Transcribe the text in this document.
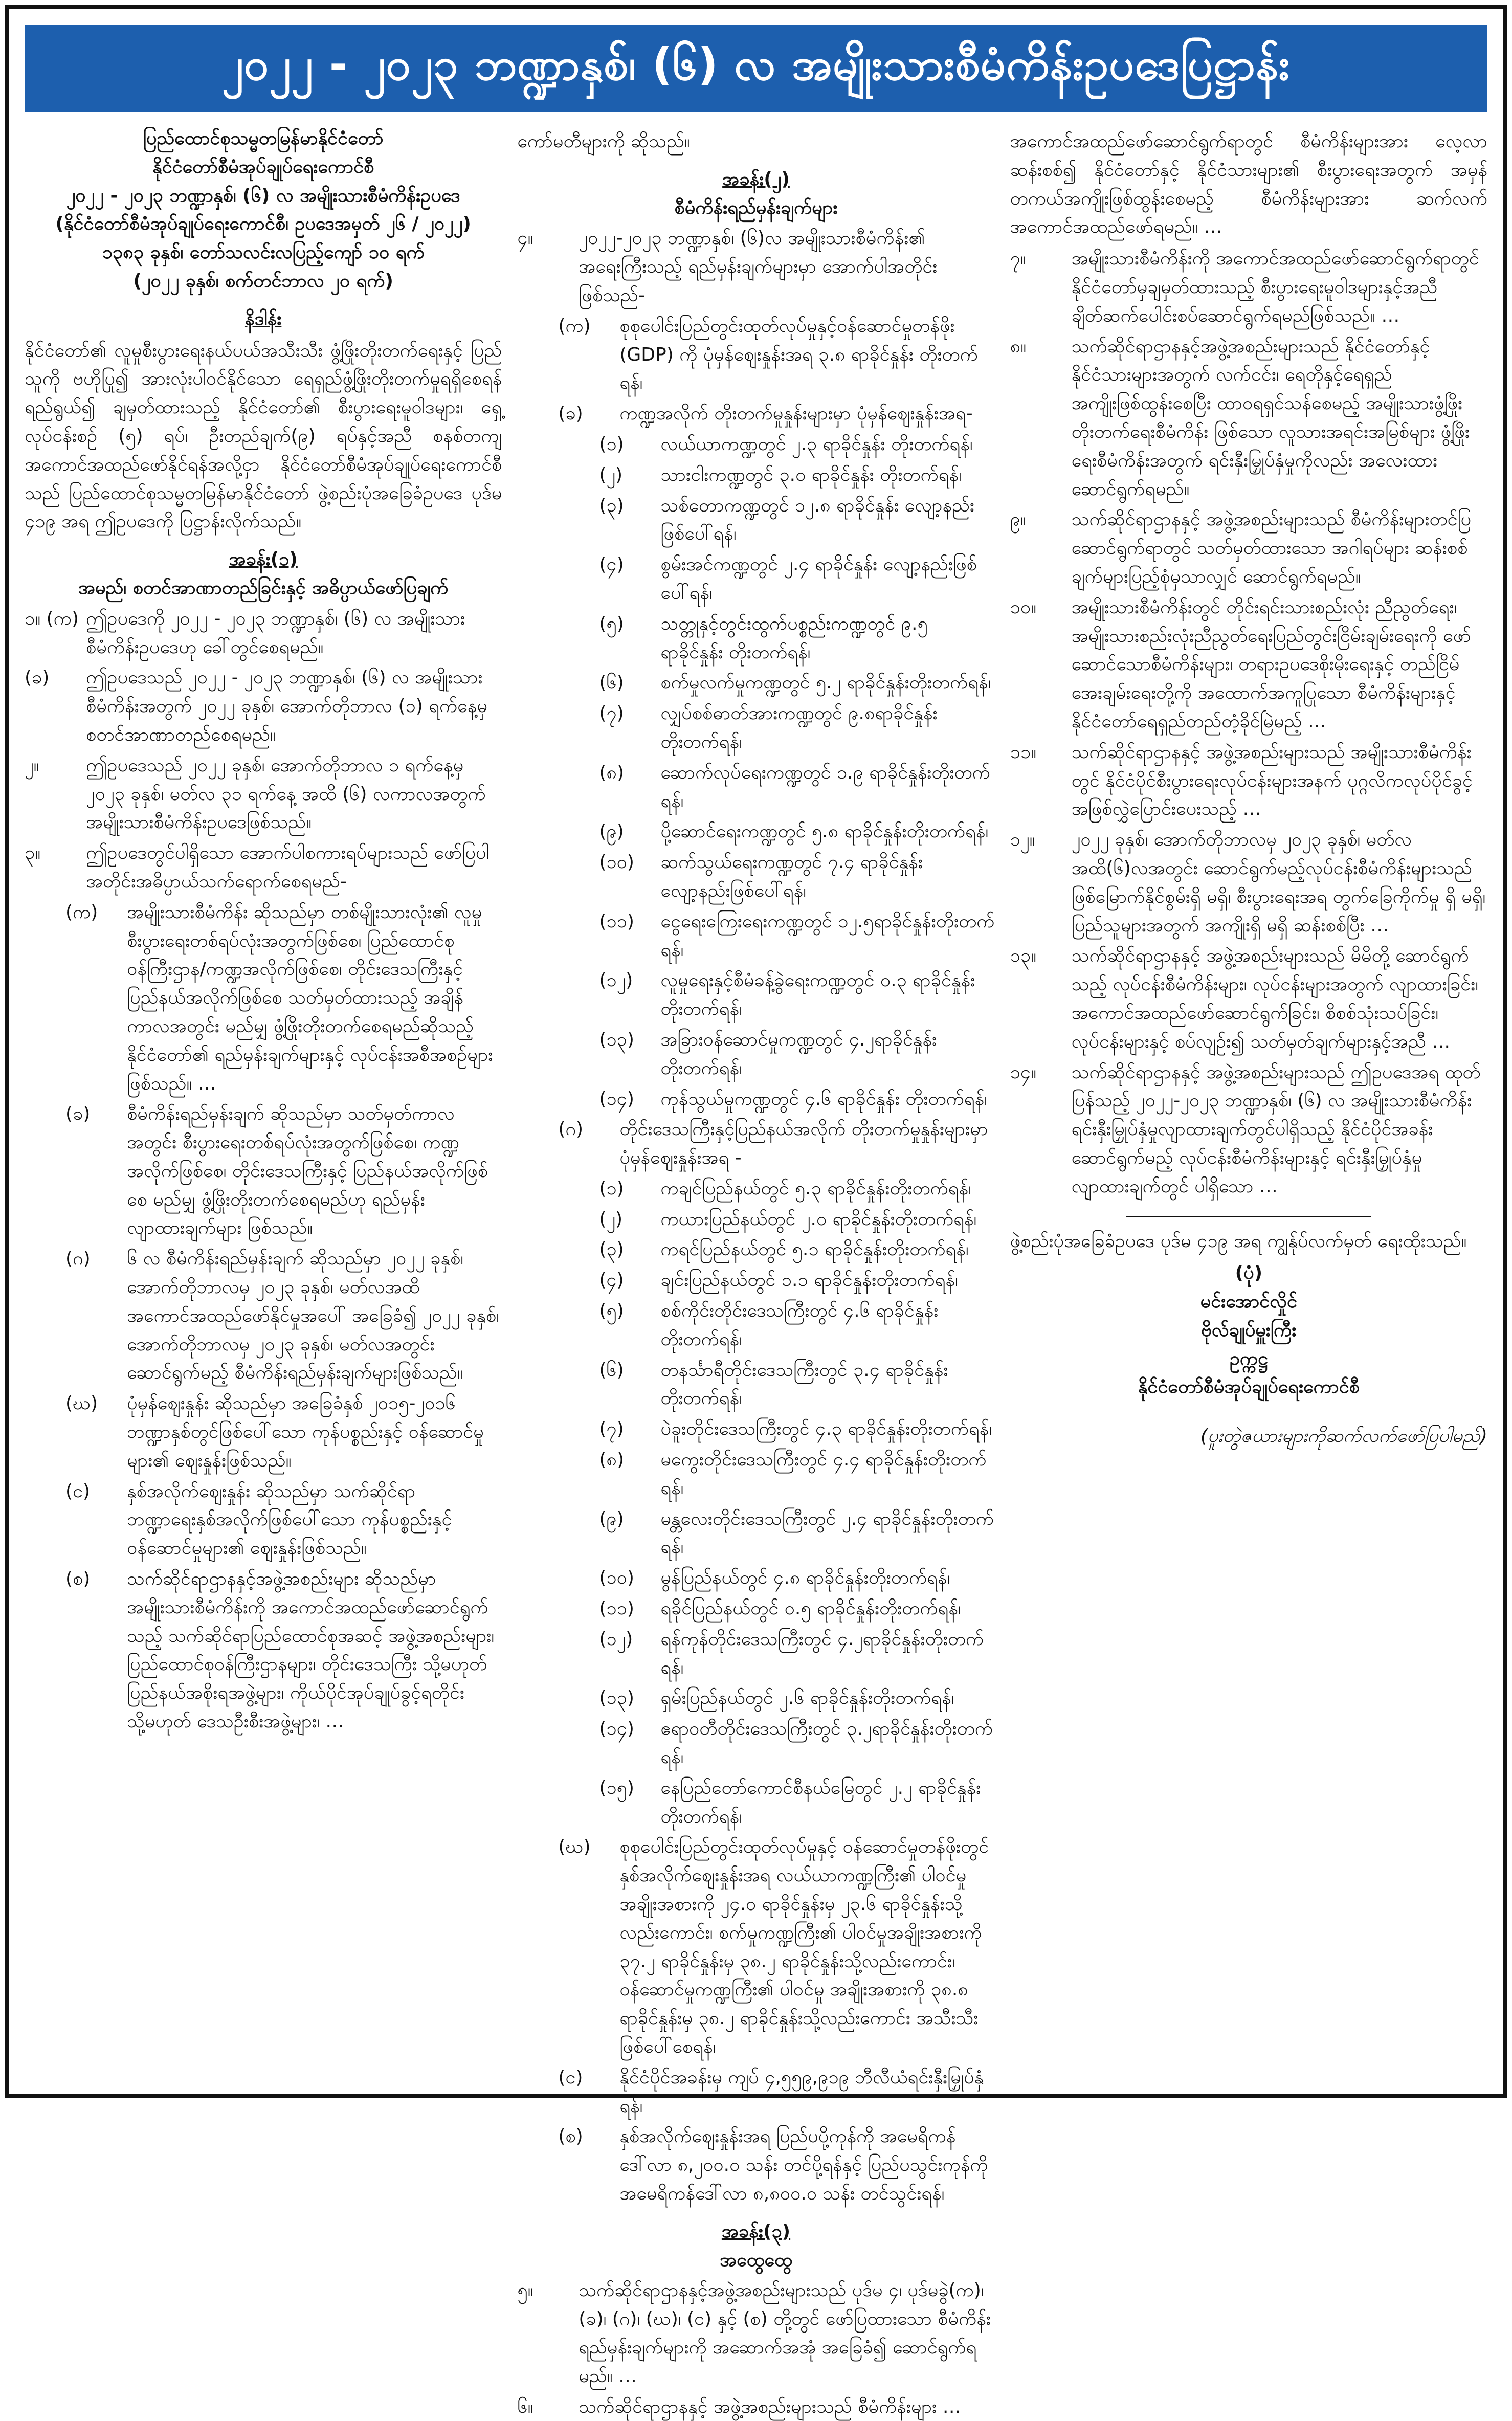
၂၀၂၂ - ၂၀၂၃ ဘဏ္ဍာနှစ်၊ (၆) လ အမျိုးသားစီမံကိန်းဥပဒေပြဋ္ဌာန်း
ပြည်ထောင်စုသမ္မတမြန်မာနိုင်ငံတော်
နိုင်ငံတော်စီမံအုပ်ချုပ်ရေးကောင်စီ
၂၀၂၂ - ၂၀၂၃ ဘဏ္ဍာနှစ်၊ (၆) လ အမျိုးသားစီမံကိန်းဥပဒေ
(နိုင်ငံတော်စီမံအုပ်ချုပ်ရေးကောင်စီ၊ ဥပဒေအမှတ် ၂၆ / ၂၀၂၂)
၁၃၈၃ ခုနှစ်၊ တော်သလင်းလပြည့်ကျော် ၁၀ ရက်
(၂၀၂၂ ခုနှစ်၊ စက်တင်ဘာလ ၂၀ ရက်)
နိဒါန်း

နိုင်ငံတော်၏ လူမှုစီးပွားရေးနယ်ပယ်အသီးသီး ဖွံ့ဖြိုးတိုးတက်ရေးနှင့် ပြည်သူကို ဗဟိုပြု၍ အားလုံးပါဝင်နိုင်သော ရေရှည်ဖွံ့ဖြိုးတိုးတက်မှုရရှိစေရန် ရည်ရွယ်၍ ချမှတ်ထားသည့် နိုင်ငံတော်၏ စီးပွားရေးမူဝါဒများ၊ ရှေ့လုပ်ငန်းစဉ် (၅) ရပ်၊ ဦးတည်ချက်(၉) ရပ်နှင့်အညီ စနစ်တကျ အကောင်အထည်ဖော်နိုင်ရန်အလို့ငှာ နိုင်ငံတော်စီမံအုပ်ချုပ်ရေးကောင်စီသည် ပြည်ထောင်စုသမ္မတမြန်မာနိုင်ငံတော် ဖွဲ့စည်းပုံအခြေခံဥပဒေ ပုဒ်မ ၄၁၉ အရ ဤဥပဒေကို ပြဋ္ဌာန်းလိုက်သည်။

အခန်း(၁)
အမည်၊ စတင်အာဏာတည်ခြင်းနှင့် အဓိပ္ပာယ်ဖော်ပြချက်
၁။ (က) ဤဥပဒေကို ၂၀၂၂ - ၂၀၂၃ ဘဏ္ဍာနှစ်၊ (၆) လ အမျိုးသားစီမံကိန်းဥပဒေဟု ခေါ်တွင်စေရမည်။
(ခ)	ဤဥပဒေသည် ၂၀၂၂ - ၂၀၂၃ ဘဏ္ဍာနှစ်၊ (၆) လ အမျိုးသားစီမံကိန်းအတွက် ၂၀၂၂ ခုနှစ်၊ အောက်တိုဘာလ (၁) ရက်နေ့မှ စတင်အာဏာတည်စေရမည်။
၂။	ဤဥပဒေသည် ၂၀၂၂ ခုနှစ်၊ အောက်တိုဘာလ ၁ ရက်နေ့မှ ၂၀၂၃ ခုနှစ်၊ မတ်လ ၃၁ ရက်နေ့ အထိ (၆) လကာလအတွက် အမျိုးသားစီမံကိန်းဥပဒေဖြစ်သည်။
၃။	ဤဥပဒေတွင်ပါရှိသော အောက်ပါစကားရပ်များသည် ဖော်ပြပါ အတိုင်းအဓိပ္ပာယ်သက်ရောက်စေရမည်-
(က)	အမျိုးသားစီမံကိန်း ဆိုသည်မှာ တစ်မျိုးသားလုံး၏ လူမှုစီးပွားရေးတစ်ရပ်လုံးအတွက်ဖြစ်စေ၊ ပြည်ထောင်စုဝန်ကြီးဌာန/ကဏ္ဍအလိုက်ဖြစ်စေ၊ တိုင်းဒေသကြီးနှင့် ပြည်နယ်အလိုက်ဖြစ်စေ သတ်မှတ်ထားသည့် အချိန်ကာလအတွင်း မည်မျှ ဖွံ့ဖြိုးတိုးတက်စေရမည်ဆိုသည့် နိုင်ငံတော်၏ ရည်မှန်းချက်များနှင့် လုပ်ငန်းအစီအစဉ်များဖြစ်သည်။ …
(ခ)	စီမံကိန်းရည်မှန်းချက် ဆိုသည်မှာ သတ်မှတ်ကာလအတွင်း စီးပွားရေးတစ်ရပ်လုံးအတွက်ဖြစ်စေ၊ ကဏ္ဍအလိုက်ဖြစ်စေ၊ တိုင်းဒေသကြီးနှင့် ပြည်နယ်အလိုက်ဖြစ်စေ မည်မျှ ဖွံ့ဖြိုးတိုးတက်စေရမည်ဟု ရည်မှန်းလျာထားချက်များ ဖြစ်သည်။
(ဂ)	၆ လ စီမံကိန်းရည်မှန်းချက် ဆိုသည်မှာ ၂၀၂၂ ခုနှစ်၊ အောက်တိုဘာလမှ ၂၀၂၃ ခုနှစ်၊ မတ်လအထိ အကောင်အထည်ဖော်နိုင်မှုအပေါ် အခြေခံ၍ ၂၀၂၂ ခုနှစ်၊ အောက်တိုဘာလမှ ၂၀၂၃ ခုနှစ်၊ မတ်လအတွင်း ဆောင်ရွက်မည့် စီမံကိန်းရည်မှန်းချက်များဖြစ်သည်။
(ဃ)	ပုံမှန်ဈေးနှုန်း ဆိုသည်မှာ အခြေခံနှစ် ၂၀၁၅-၂၀၁၆ ဘဏ္ဍာနှစ်တွင်ဖြစ်ပေါ်သော ကုန်ပစ္စည်းနှင့် ဝန်ဆောင်မှုများ၏ ဈေးနှုန်းဖြစ်သည်။
(င)	နှစ်အလိုက်ဈေးနှုန်း ဆိုသည်မှာ သက်ဆိုင်ရာ ဘဏ္ဍာရေးနှစ်အလိုက်ဖြစ်ပေါ်သော ကုန်ပစ္စည်းနှင့် ဝန်ဆောင်မှုများ၏ ဈေးနှုန်းဖြစ်သည်။
(စ)	သက်ဆိုင်ရာဌာနနှင့်အဖွဲ့အစည်းများ ဆိုသည်မှာ အမျိုးသားစီမံကိန်းကို အကောင်အထည်ဖော်ဆောင်ရွက်သည့် သက်ဆိုင်ရာပြည်ထောင်စုအဆင့် အဖွဲ့အစည်းများ၊ ပြည်ထောင်စုဝန်ကြီးဌာနများ၊ တိုင်းဒေသကြီး သို့မဟုတ် ပြည်နယ်အစိုးရအဖွဲ့များ၊ ကိုယ်ပိုင်အုပ်ချုပ်ခွင့်ရတိုင်း သို့မဟုတ် ဒေသဦးစီးအဖွဲ့များ၊ …

ကော်မတီများကို ဆိုသည်။

အခန်း(၂)
စီမံကိန်းရည်မှန်းချက်များ
၄။	၂၀၂၂-၂၀၂၃ ဘဏ္ဍာနှစ်၊ (၆)လ အမျိုးသားစီမံကိန်း၏ အရေးကြီးသည့် ရည်မှန်းချက်များမှာ အောက်ပါအတိုင်းဖြစ်သည်-
(က)	စုစုပေါင်းပြည်တွင်းထုတ်လုပ်မှုနှင့်ဝန်ဆောင်မှုတန်ဖိုး (GDP) ကို ပုံမှန်ဈေးနှုန်းအရ ၃.၈ ရာခိုင်နှုန်း တိုးတက်ရန်၊
(ခ)	ကဏ္ဍအလိုက် တိုးတက်မှုနှုန်းများမှာ ပုံမှန်ဈေးနှုန်းအရ-
(၁)	လယ်ယာကဏ္ဍတွင် ၂.၃ ရာခိုင်နှုန်း တိုးတက်ရန်၊
(၂)	သားငါးကဏ္ဍတွင် ၃.၀ ရာခိုင်နှုန်း တိုးတက်ရန်၊
(၃)	သစ်တောကဏ္ဍတွင် ၁၂.၈ ရာခိုင်နှုန်း လျော့နည်းဖြစ်ပေါ်ရန်၊
(၄)	စွမ်းအင်ကဏ္ဍတွင် ၂.၄ ရာခိုင်နှုန်း လျော့နည်းဖြစ်ပေါ်ရန်၊
(၅)	သတ္တုနှင့်တွင်းထွက်ပစ္စည်းကဏ္ဍတွင် ၉.၅ ရာခိုင်နှုန်း တိုးတက်ရန်၊
(၆)	စက်မှုလက်မှုကဏ္ဍတွင် ၅.၂ ရာခိုင်နှုန်းတိုးတက်ရန်၊
(၇)	လျှပ်စစ်ဓာတ်အားကဏ္ဍတွင် ၉.၈ရာခိုင်နှုန်းတိုးတက်ရန်၊
(၈)	ဆောက်လုပ်ရေးကဏ္ဍတွင် ၁.၉ ရာခိုင်နှုန်းတိုးတက်ရန်၊
(၉)	ပို့ဆောင်ရေးကဏ္ဍတွင် ၅.၈ ရာခိုင်နှုန်းတိုးတက်ရန်၊
(၁၀)	ဆက်သွယ်ရေးကဏ္ဍတွင် ၇.၄ ရာခိုင်နှုန်း လျော့နည်းဖြစ်ပေါ်ရန်၊
(၁၁)	ငွေရေးကြေးရေးကဏ္ဍတွင် ၁၂.၅ရာခိုင်နှုန်းတိုးတက်ရန်၊
(၁၂)	လူမှုရေးနှင့်စီမံခန့်ခွဲရေးကဏ္ဍတွင် ၀.၃ ရာခိုင်နှုန်း တိုးတက်ရန်၊
(၁၃)	အခြားဝန်ဆောင်မှုကဏ္ဍတွင် ၄.၂ရာခိုင်နှုန်းတိုးတက်ရန်၊
(၁၄)	ကုန်သွယ်မှုကဏ္ဍတွင် ၄.၆ ရာခိုင်နှုန်း တိုးတက်ရန်၊
(ဂ)	တိုင်းဒေသကြီးနှင့်ပြည်နယ်အလိုက် တိုးတက်မှုနှုန်းများမှာ ပုံမှန်ဈေးနှုန်းအရ -
(၁)	ကချင်ပြည်နယ်တွင် ၅.၃ ရာခိုင်နှုန်းတိုးတက်ရန်၊
(၂)	ကယားပြည်နယ်တွင် ၂.၀ ရာခိုင်နှုန်းတိုးတက်ရန်၊
(၃)	ကရင်ပြည်နယ်တွင် ၅.၁ ရာခိုင်နှုန်းတိုးတက်ရန်၊
(၄)	ချင်းပြည်နယ်တွင် ၁.၁ ရာခိုင်နှုန်းတိုးတက်ရန်၊
(၅)	စစ်ကိုင်းတိုင်းဒေသကြီးတွင် ၄.၆ ရာခိုင်နှုန်းတိုးတက်ရန်၊
(၆)	တနင်္သာရီတိုင်းဒေသကြီးတွင် ၃.၄ ရာခိုင်နှုန်း တိုးတက်ရန်၊
(၇)	ပဲခူးတိုင်းဒေသကြီးတွင် ၄.၃ ရာခိုင်နှုန်းတိုးတက်ရန်၊
(၈)	မကွေးတိုင်းဒေသကြီးတွင် ၄.၄ ရာခိုင်နှုန်းတိုးတက်ရန်၊
(၉)	မန္တလေးတိုင်းဒေသကြီးတွင် ၂.၄ ရာခိုင်နှုန်းတိုးတက်ရန်၊
(၁၀)	မွန်ပြည်နယ်တွင် ၄.၈ ရာခိုင်နှုန်းတိုးတက်ရန်၊
(၁၁)	ရခိုင်ပြည်နယ်တွင် ၀.၅ ရာခိုင်နှုန်းတိုးတက်ရန်၊
(၁၂)	ရန်ကုန်တိုင်းဒေသကြီးတွင် ၄.၂ရာခိုင်နှုန်းတိုးတက်ရန်၊
(၁၃)	ရှမ်းပြည်နယ်တွင် ၂.၆ ရာခိုင်နှုန်းတိုးတက်ရန်၊
(၁၄)	ဧရာဝတီတိုင်းဒေသကြီးတွင် ၃.၂ရာခိုင်နှုန်းတိုးတက်ရန်၊
(၁၅)	နေပြည်တော်ကောင်စီနယ်မြေတွင် ၂.၂ ရာခိုင်နှုန်း တိုးတက်ရန်၊
(ဃ)	စုစုပေါင်းပြည်တွင်းထုတ်လုပ်မှုနှင့် ဝန်ဆောင်မှုတန်ဖိုးတွင် နှစ်အလိုက်ဈေးနှုန်းအရ လယ်ယာကဏ္ဍကြီး၏ ပါဝင်မှု အချိုးအစားကို ၂၄.၀ ရာခိုင်နှုန်းမှ ၂၃.၆ ရာခိုင်နှုန်းသို့ လည်းကောင်း၊ စက်မှုကဏ္ဍကြီး၏ ပါဝင်မှုအချိုးအစားကို ၃၇.၂ ရာခိုင်နှုန်းမှ ၃၈.၂ ရာခိုင်နှုန်းသို့လည်းကောင်း၊ ဝန်ဆောင်မှုကဏ္ဍကြီး၏ ပါဝင်မှု အချိုးအစားကို ၃၈.၈ ရာခိုင်နှုန်းမှ ၃၈.၂ ရာခိုင်နှုန်းသို့လည်းကောင်း အသီးသီး ဖြစ်ပေါ်စေရန်၊
(င)	နိုင်ငံပိုင်အခန်းမှ ကျပ် ၄,၅၅၉,၉၁၉ ဘီလီယံရင်းနှီးမြှုပ်နှံရန်၊
(စ)	နှစ်အလိုက်ဈေးနှုန်းအရ ပြည်ပပို့ကုန်ကို အမေရိကန်ဒေါ်လာ ၈,၂၀၀.၀ သန်း တင်ပို့ရန်နှင့် ပြည်ပသွင်းကုန်ကို အမေရိကန်ဒေါ်လာ ၈,၈၀၀.၀ သန်း တင်သွင်းရန်၊
အခန်း(၃)
အထွေထွေ
၅။	သက်ဆိုင်ရာဌာနနှင့်အဖွဲ့အစည်းများသည် ပုဒ်မ ၄၊ ပုဒ်မခွဲ(က)၊ (ခ)၊ (ဂ)၊ (ဃ)၊ (င) နှင့် (စ) တို့တွင် ဖော်ပြထားသော စီမံကိန်းရည်မှန်းချက်များကို အဆောက်အအုံ အခြေခံ၍ ဆောင်ရွက်ရမည်။ …
၆။	သက်ဆိုင်ရာဌာနနှင့် အဖွဲ့အစည်းများသည် စီမံကိန်းများ …

အကောင်အထည်ဖော်ဆောင်ရွက်ရာတွင် စီမံကိန်းများအား လေ့လာဆန်းစစ်၍ နိုင်ငံတော်နှင့် နိုင်ငံသားများ၏ စီးပွားရေးအတွက် အမှန်တကယ်အကျိုးဖြစ်ထွန်းစေမည့် စီမံကိန်းများအား ဆက်လက်အကောင်အထည်ဖော်ရမည်။ …

၇။	အမျိုးသားစီမံကိန်းကို အကောင်အထည်ဖော်ဆောင်ရွက်ရာတွင် နိုင်ငံတော်မှချမှတ်ထားသည့် စီးပွားရေးမူဝါဒများနှင့်အညီ ချိတ်ဆက်ပေါင်းစပ်ဆောင်ရွက်ရမည်ဖြစ်သည်။ …
၈။	သက်ဆိုင်ရာဌာနနှင့်အဖွဲ့အစည်းများသည် နိုင်ငံတော်နှင့် နိုင်ငံသားများအတွက် လက်ငင်း၊ ရေတိုနှင့်ရေရှည်အကျိုးဖြစ်ထွန်းစေပြီး ထာဝရရှင်သန်စေမည့် အမျိုးသားဖွံ့ဖြိုးတိုးတက်ရေးစီမံကိန်း ဖြစ်သော လူသားအရင်းအမြစ်များ ဖွံ့ဖြိုးရေးစီမံကိန်းအတွက် ရင်းနှီးမြှုပ်နှံမှုကိုလည်း အလေးထားဆောင်ရွက်ရမည်။
၉။	သက်ဆိုင်ရာဌာနနှင့် အဖွဲ့အစည်းများသည် စီမံကိန်းများတင်ပြဆောင်ရွက်ရာတွင် သတ်မှတ်ထားသော အဂါရပ်များ ဆန်းစစ်ချက်များပြည့်စုံမှသာလျှင် ဆောင်ရွက်ရမည်။
၁၀။	အမျိုးသားစီမံကိန်းတွင် တိုင်းရင်းသားစည်းလုံး ညီညွတ်ရေး၊ အမျိုးသားစည်းလုံးညီညွတ်ရေးပြည်တွင်းငြိမ်းချမ်းရေးကို ဖော်ဆောင်သောစီမံကိန်းများ၊ တရားဥပဒေစိုးမိုးရေးနှင့် တည်ငြိမ်အေးချမ်းရေးတို့ကို အထောက်အကူပြုသော စီမံကိန်းများနှင့် နိုင်ငံတော်ရေရှည်တည်တံ့ခိုင်မြဲမည့် …
၁၁။	သက်ဆိုင်ရာဌာနနှင့် အဖွဲ့အစည်းများသည် အမျိုးသားစီမံကိန်းတွင် နိုင်ငံပိုင်စီးပွားရေးလုပ်ငန်းများအနက် ပုဂ္ဂလိကလုပ်ပိုင်ခွင့် အဖြစ်လွှဲပြောင်းပေးသည့် …
၁၂။	၂၀၂၂ ခုနှစ်၊ အောက်တိုဘာလမှ ၂၀၂၃ ခုနှစ်၊ မတ်လအထိ(၆)လအတွင်း ဆောင်ရွက်မည့်လုပ်ငန်းစီမံကိန်းများသည် ဖြစ်မြောက်နိုင်စွမ်းရှိ မရှိ၊ စီးပွားရေးအရ တွက်ခြေကိုက်မှု ရှိ မရှိ၊ ပြည်သူများအတွက် အကျိုးရှိ မရှိ ဆန်းစစ်ပြီး …
၁၃။	သက်ဆိုင်ရာဌာနနှင့် အဖွဲ့အစည်းများသည် မိမိတို့ ဆောင်ရွက်သည့် လုပ်ငန်းစီမံကိန်းများ၊ လုပ်ငန်းများအတွက် လျာထားခြင်း၊ အကောင်အထည်ဖော်ဆောင်ရွက်ခြင်း၊ စိစစ်သုံးသပ်ခြင်း၊ လုပ်ငန်းများနှင့် စပ်လျဉ်း၍ သတ်မှတ်ချက်များနှင့်အညီ …
၁၄။	သက်ဆိုင်ရာဌာနနှင့် အဖွဲ့အစည်းများသည် ဤဥပဒေအရ ထုတ်ပြန်သည့် ၂၀၂၂-၂၀၂၃ ဘဏ္ဍာနှစ်၊ (၆) လ အမျိုးသားစီမံကိန်း ရင်းနှီးမြှုပ်နှံမှုလျာထားချက်တွင်ပါရှိသည့် နိုင်ငံပိုင်အခန်း ဆောင်ရွက်မည့် လုပ်ငန်းစီမံကိန်းများနှင့် ရင်းနှီးမြှုပ်နှံမှုလျာထားချက်တွင် ပါရှိသော …

ဖွဲ့စည်းပုံအခြေခံဥပဒေ ပုဒ်မ ၄၁၉ အရ ကျွန်ုပ်လက်မှတ် ရေးထိုးသည်။

(ပုံ)
မင်းအောင်လှိုင်
ဗိုလ်ချုပ်မှူးကြီး
ဥက္ကဋ္ဌ
နိုင်ငံတော်စီမံအုပ်ချုပ်ရေးကောင်စီ
(ပူးတွဲဇယားများကိုဆက်လက်ဖော်ပြပါမည်)
